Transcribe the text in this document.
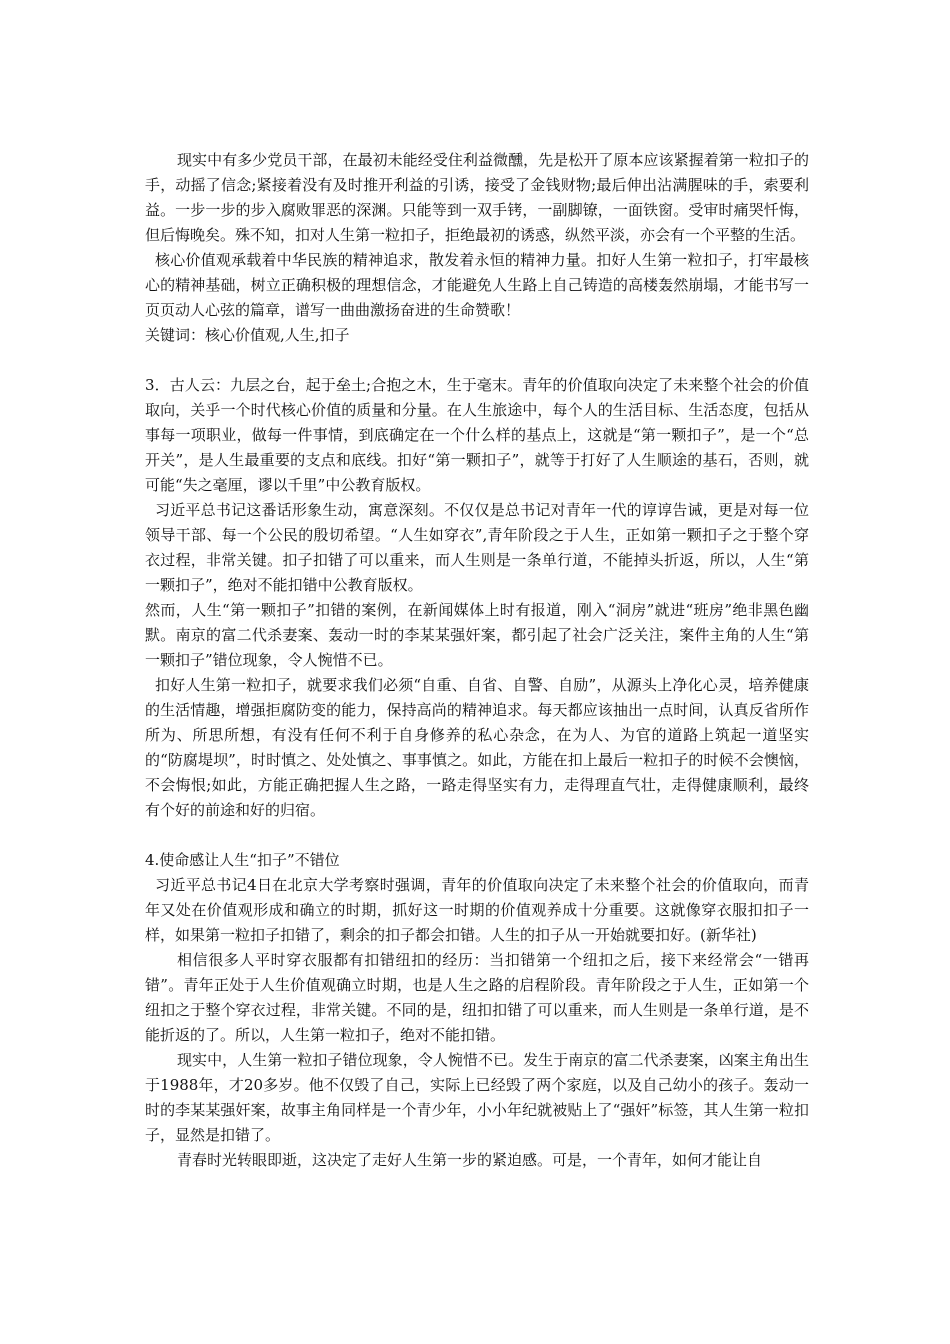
现实中有多少党员干部，在最初未能经受住利益微醺，先是松开了原本应该紧握着第一粒扣子的手，动摇了信念;紧接着没有及时推开利益的引诱，接受了金钱财物;最后伸出沾满腥味的手，索要利益。一步一步的步入腐败罪恶的深渊。只能等到一双手铐，一副脚镣，一面铁窗。受审时痛哭忏悔，但后悔晚矣。殊不知，扣对人生第一粒扣子，拒绝最初的诱惑，纵然平淡，亦会有一个平整的生活。

核心价值观承载着中华民族的精神追求，散发着永恒的精神力量。扣好人生第一粒扣子，打牢最核心的精神基础，树立正确积极的理想信念，才能避免人生路上自己铸造的高楼轰然崩塌，才能书写一页页动人心弦的篇章，谱写一曲曲激扬奋进的生命赞歌！

关键词：核心价值观,人生,扣子

3．古人云：九层之台，起于垒土;合抱之木，生于毫末。青年的价值取向决定了未来整个社会的价值取向，关乎一个时代核心价值的质量和分量。在人生旅途中，每个人的生活目标、生活态度，包括从事每一项职业，做每一件事情，到底确定在一个什么样的基点上，这就是“第一颗扣子”，是一个“总开关”，是人生最重要的支点和底线。扣好“第一颗扣子”，就等于打好了人生顺途的基石，否则，就可能“失之毫厘，谬以千里”中公教育版权。

习近平总书记这番话形象生动，寓意深刻。不仅仅是总书记对青年一代的谆谆告诫，更是对每一位领导干部、每一个公民的殷切希望。“人生如穿衣”,青年阶段之于人生，正如第一颗扣子之于整个穿衣过程，非常关键。扣子扣错了可以重来，而人生则是一条单行道，不能掉头折返，所以，人生“第一颗扣子”，绝对不能扣错中公教育版权。

然而，人生“第一颗扣子”扣错的案例，在新闻媒体上时有报道，刚入“洞房”就进“班房”绝非黑色幽默。南京的富二代杀妻案、轰动一时的李某某强奸案，都引起了社会广泛关注，案件主角的人生“第一颗扣子”错位现象，令人惋惜不已。

扣好人生第一粒扣子，就要求我们必须“自重、自省、自警、自励”，从源头上净化心灵，培养健康的生活情趣，增强拒腐防变的能力，保持高尚的精神追求。每天都应该抽出一点时间，认真反省所作所为、所思所想，有没有任何不利于自身修养的私心杂念，在为人、为官的道路上筑起一道坚实的“防腐堤坝”，时时慎之、处处慎之、事事慎之。如此，方能在扣上最后一粒扣子的时候不会懊恼，不会悔恨;如此，方能正确把握人生之路，一路走得坚实有力，走得理直气壮，走得健康顺利，最终有个好的前途和好的归宿。

4.使命感让人生“扣子”不错位

习近平总书记4日在北京大学考察时强调，青年的价值取向决定了未来整个社会的价值取向，而青年又处在价值观形成和确立的时期，抓好这一时期的价值观养成十分重要。这就像穿衣服扣扣子一样，如果第一粒扣子扣错了，剩余的扣子都会扣错。人生的扣子从一开始就要扣好。(新华社)

相信很多人平时穿衣服都有扣错纽扣的经历：当扣错第一个纽扣之后，接下来经常会“一错再错”。青年正处于人生价值观确立时期，也是人生之路的启程阶段。青年阶段之于人生，正如第一个纽扣之于整个穿衣过程，非常关键。不同的是，纽扣扣错了可以重来，而人生则是一条单行道，是不能折返的了。所以，人生第一粒扣子，绝对不能扣错。

现实中，人生第一粒扣子错位现象，令人惋惜不已。发生于南京的富二代杀妻案，凶案主角出生于1988年，才20多岁。他不仅毁了自己，实际上已经毁了两个家庭，以及自己幼小的孩子。轰动一时的李某某强奸案，故事主角同样是一个青少年，小小年纪就被贴上了“强奸”标签，其人生第一粒扣子，显然是扣错了。

青春时光转眼即逝，这决定了走好人生第一步的紧迫感。可是，一个青年，如何才能让自
